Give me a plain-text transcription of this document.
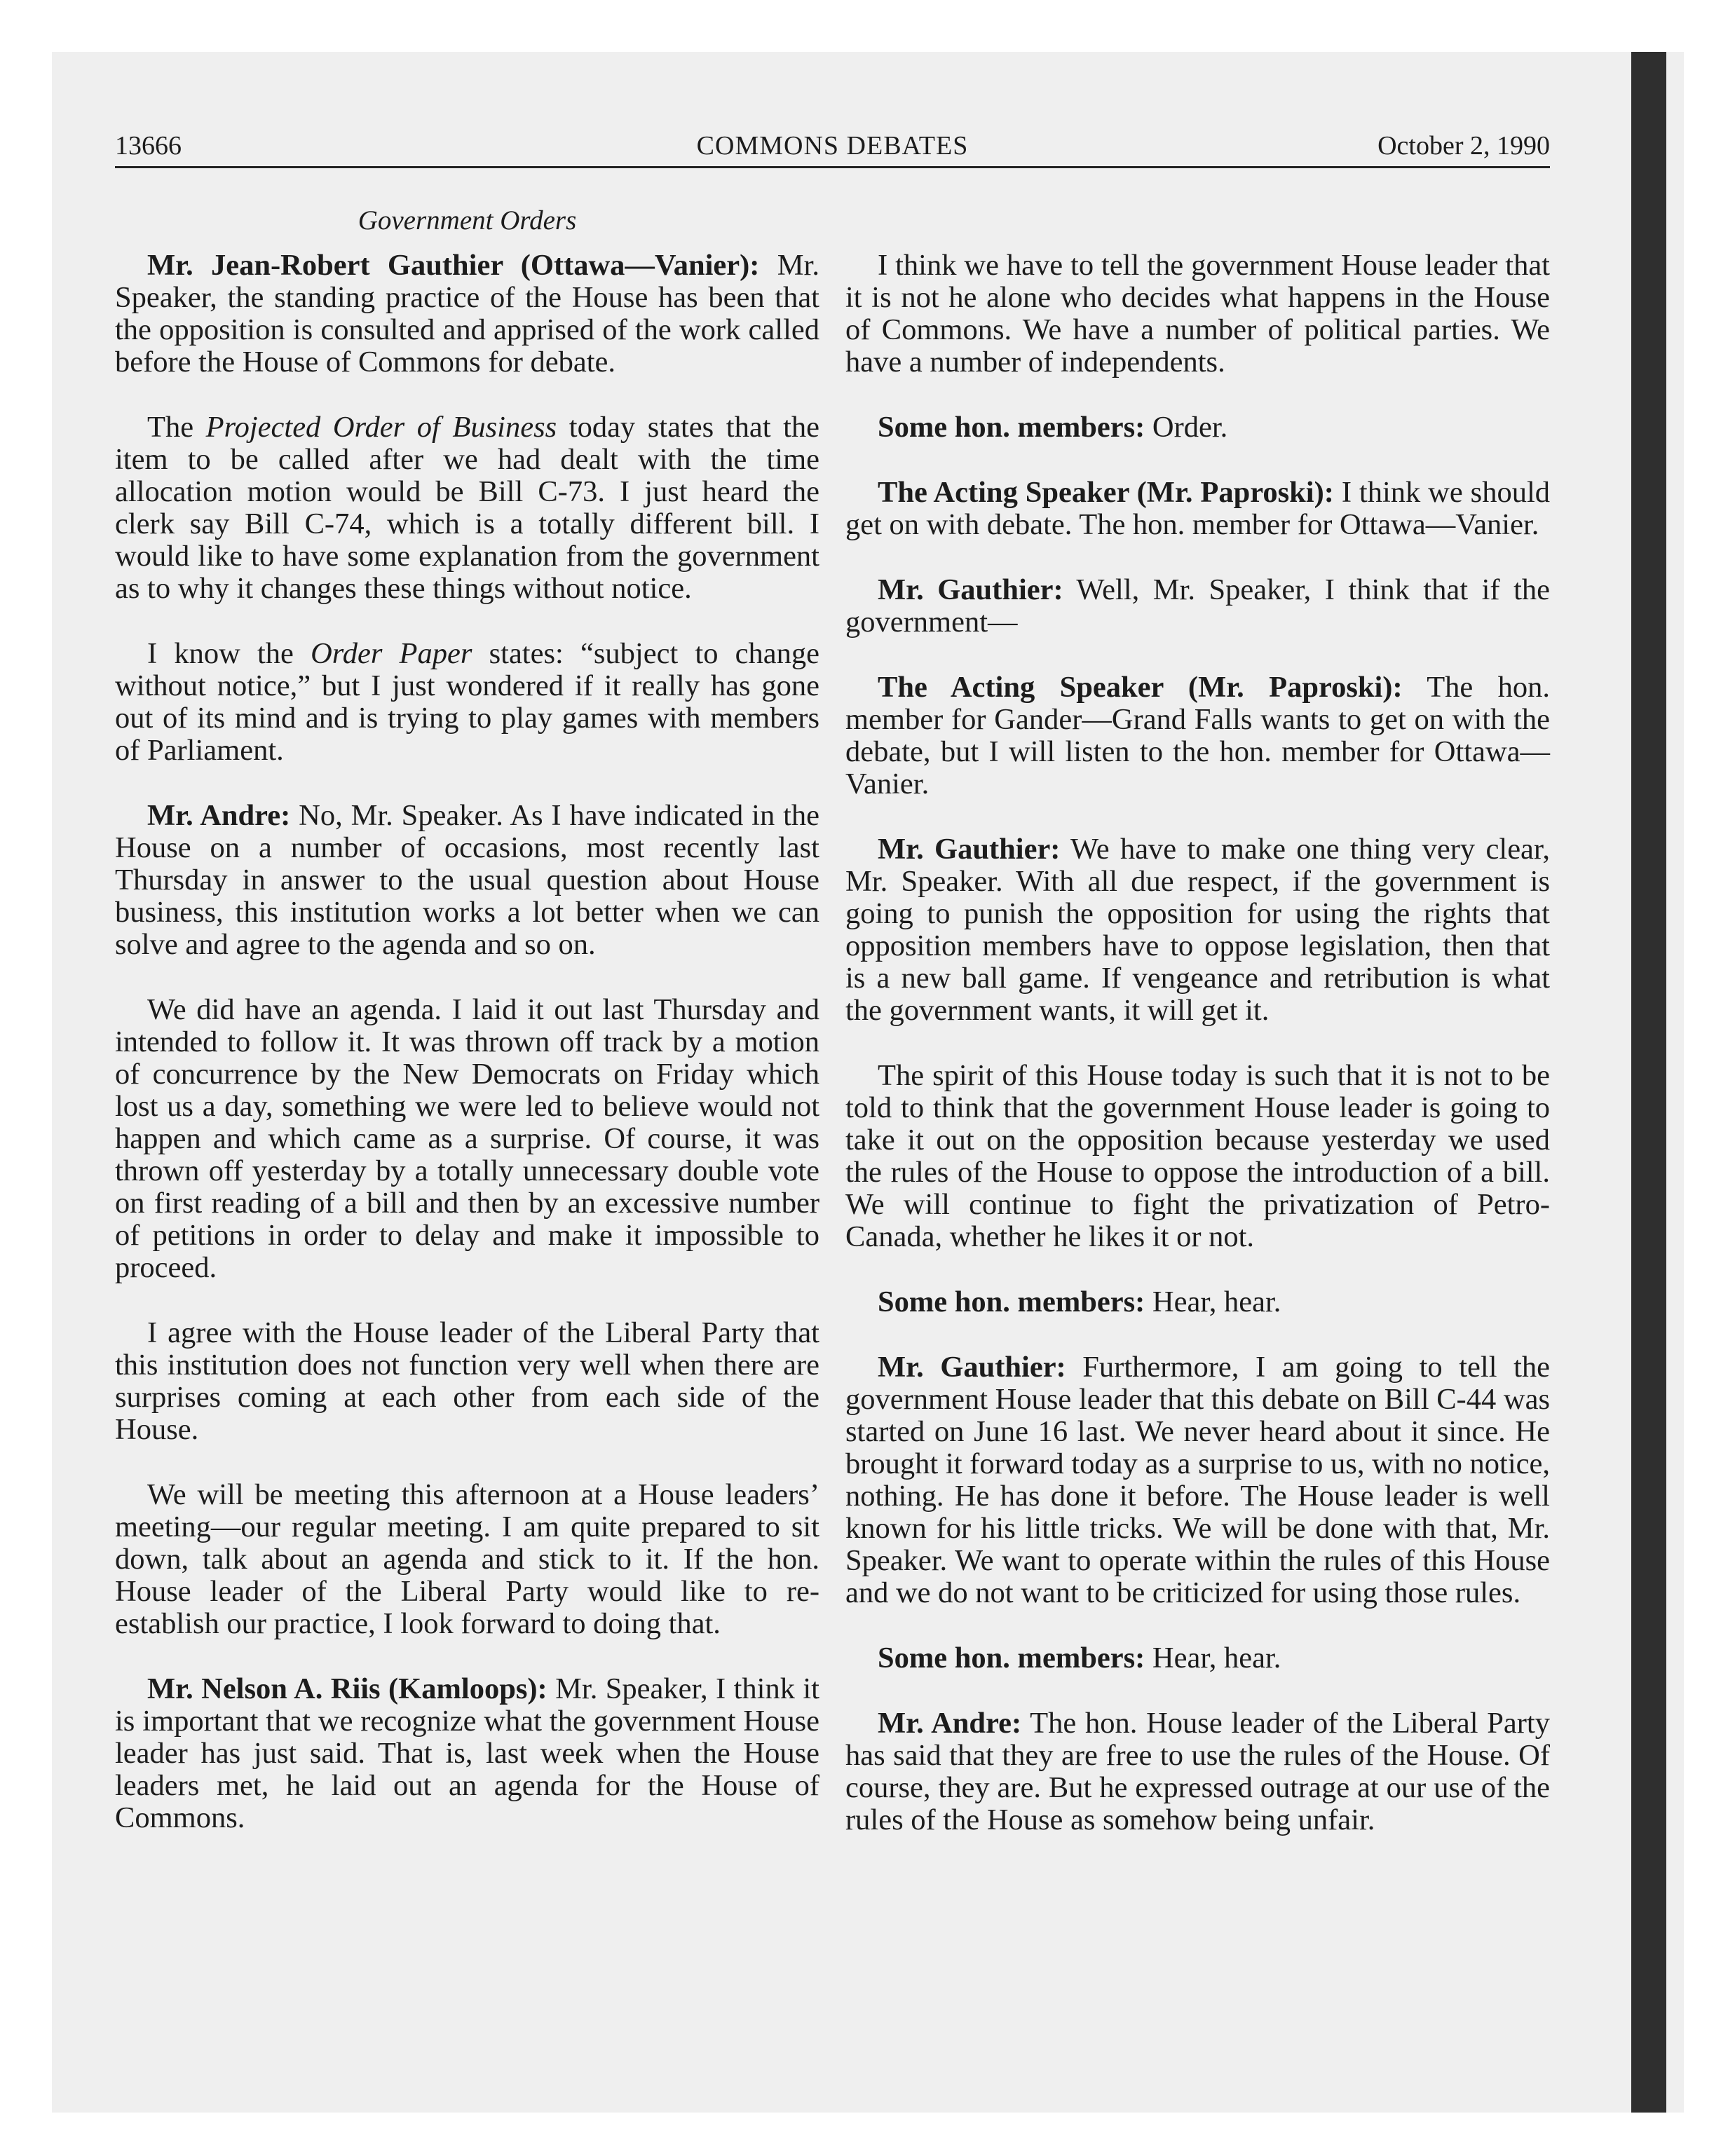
13666	COMMONS DEBATES	October 2, 1990
Government Orders

Mr. Jean-Robert Gauthier (Ottawa—Vanier): Mr. Speaker, the standing practice of the House has been that the opposition is consulted and apprised of the work called before the House of Commons for debate.

The Projected Order of Business today states that the item to be called after we had dealt with the time allocation motion would be Bill C-73. I just heard the clerk say Bill C-74, which is a totally different bill. I would like to have some explanation from the government as to why it changes these things without notice.

I know the Order Paper states: “subject to change without notice,” but I just wondered if it really has gone out of its mind and is trying to play games with members of Parliament.

Mr. Andre: No, Mr. Speaker. As I have indicated in the House on a number of occasions, most recently last Thursday in answer to the usual question about House business, this institution works a lot better when we can solve and agree to the agenda and so on.

We did have an agenda. I laid it out last Thursday and intended to follow it. It was thrown off track by a motion of concurrence by the New Democrats on Friday which lost us a day, something we were led to believe would not happen and which came as a surprise. Of course, it was thrown off yesterday by a totally unnecessary double vote on first reading of a bill and then by an excessive number of petitions in order to delay and make it impossible to proceed.

I agree with the House leader of the Liberal Party that this institution does not function very well when there are surprises coming at each other from each side of the House.

We will be meeting this afternoon at a House leaders’ meeting—our regular meeting. I am quite prepared to sit down, talk about an agenda and stick to it. If the hon. House leader of the Liberal Party would like to re-establish our practice, I look forward to doing that.

Mr. Nelson A. Riis (Kamloops): Mr. Speaker, I think it is important that we recognize what the government House leader has just said. That is, last week when the House leaders met, he laid out an agenda for the House of Commons.

I think we have to tell the government House leader that it is not he alone who decides what happens in the House of Commons. We have a number of political parties. We have a number of independents.

Some hon. members: Order.

The Acting Speaker (Mr. Paproski): I think we should get on with debate. The hon. member for Ottawa—Vanier.

Mr. Gauthier: Well, Mr. Speaker, I think that if the government—

The Acting Speaker (Mr. Paproski): The hon. member for Gander—Grand Falls wants to get on with the debate, but I will listen to the hon. member for Ottawa—Vanier.

Mr. Gauthier: We have to make one thing very clear, Mr. Speaker. With all due respect, if the government is going to punish the opposition for using the rights that opposition members have to oppose legislation, then that is a new ball game. If vengeance and retribution is what the government wants, it will get it.

The spirit of this House today is such that it is not to be told to think that the government House leader is going to take it out on the opposition because yesterday we used the rules of the House to oppose the introduction of a bill. We will continue to fight the privatization of Petro-Canada, whether he likes it or not.

Some hon. members: Hear, hear.

Mr. Gauthier: Furthermore, I am going to tell the government House leader that this debate on Bill C-44 was started on June 16 last. We never heard about it since. He brought it forward today as a surprise to us, with no notice, nothing. He has done it before. The House leader is well known for his little tricks. We will be done with that, Mr. Speaker. We want to operate within the rules of this House and we do not want to be criticized for using those rules.

Some hon. members: Hear, hear.

Mr. Andre: The hon. House leader of the Liberal Party has said that they are free to use the rules of the House. Of course, they are. But he expressed outrage at our use of the rules of the House as somehow being unfair.
